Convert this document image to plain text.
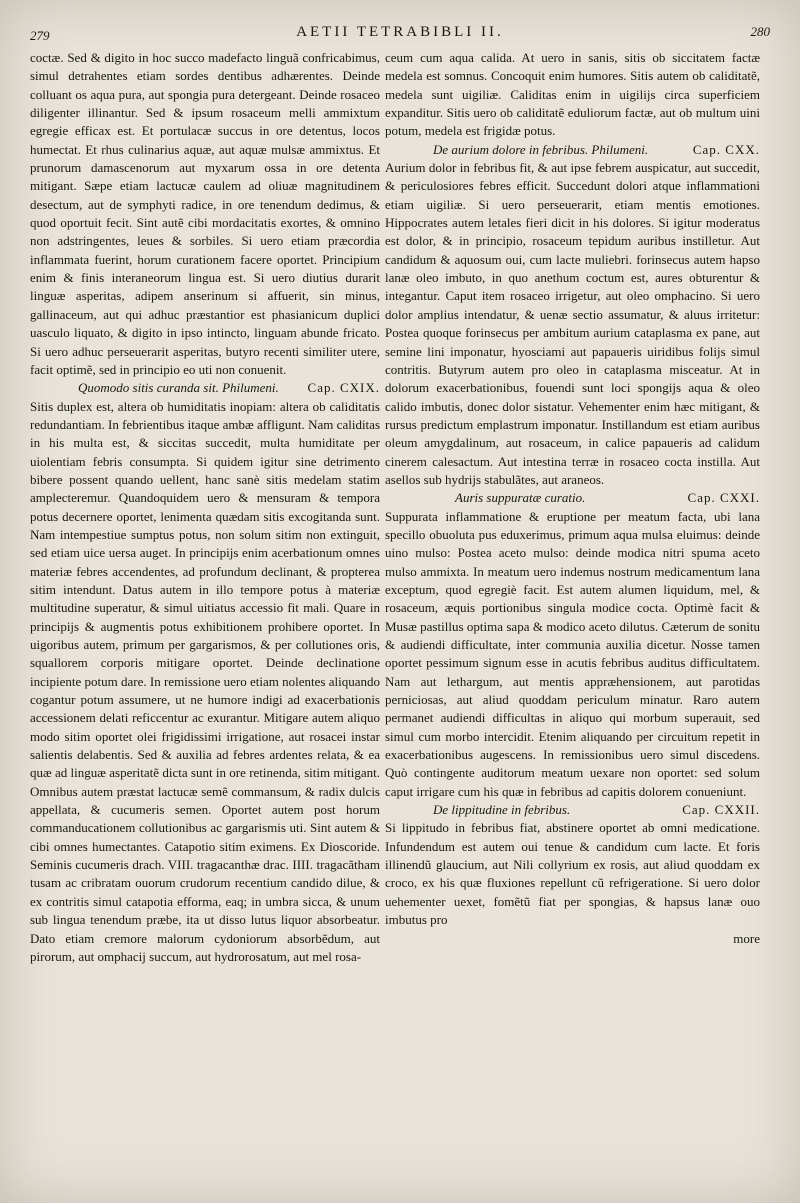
279	AETII TETRABIBLI II.	280

coctæ. Sed & digito in hoc succo madefacto linguã confricabimus, simul detrahentes etiam sordes dentibus adhærentes. Deinde colluant os aqua pura, aut spongia pura detergeant. Deinde rosaceo diligenter illinantur. Sed & ipsum rosaceum melli ammixtum egregie efficax est. Et portulacæ succus in ore detentus, locos humectat. Et rhus culinarius aquæ, aut aquæ mulsæ ammixtus. Et prunorum damascenorum aut myxarum ossa in ore detenta mitigant. Sæpe etiam lactucæ caulem ad oliuæ magnitudinem desectum, aut de symphyti radice, in ore tenendum dedimus, & quod oportuit fecit. Sint autẽ cibi mordacitatis exortes, & omnino non adstringentes, leues & sorbiles. Si uero etiam præcordia inflammata fuerint, horum curationem facere oportet. Principium enim & finis interaneorum lingua est. Si uero diutius durarit linguæ asperitas, adipem anserinum si affuerit, sin minus, gallinaceum, aut qui adhuc præstantior est phasianicum duplici uasculo liquato, & digito in ipso intincto, linguam abunde fricato. Si uero adhuc perseuerarit asperitas, butyro recenti similiter utere, facit optimẽ, sed in principio eo uti non conuenit.

Cap. CXIX.
Quomodo sitis curanda sit. Philumeni.

Sitis duplex est, altera ob humiditatis inopiam: altera ob caliditatis redundantiam. In febrientibus itaque ambæ affligunt. Nam caliditas in his multa est, & siccitas succedit, multa humiditate per uiolentiam febris consumpta. Si quidem igitur sine detrimento bibere possent quando uellent, hanc sanè sitis medelam statim amplecteremur. Quandoquidem uero & mensuram & tempora potus decernere oportet, lenimenta quædam sitis excogitanda sunt. Nam intempestiue sumptus potus, non solum sitim non extinguit, sed etiam uice uersa auget. In principijs enim acerbationum omnes materiæ febres accendentes, ad profundum declinant, & propterea sitim intendunt. Datus autem in illo tempore potus à materiæ multitudine superatur, & simul uitiatus accessio fit mali. Quare in principijs & augmentis potus exhibitionem prohibere oportet. In uigoribus autem, primum per gargarismos, & per collutiones oris, squallorem corporis mitigare oportet. Deinde declinatione incipiente potum dare. In remissione uero etiam nolentes aliquando cogantur potum assumere, ut ne humore indigi ad exacerbationis accessionem delati reficcentur ac exurantur. Mitigare autem aliquo modo sitim oportet olei frigidissimi irrigatione, aut rosacei instar salientis delabentis. Sed & auxilia ad febres ardentes relata, & ea quæ ad linguæ asperitatẽ dicta sunt in ore retinenda, sitim mitigant. Omnibus autem præstat lactucæ semẽ commansum, & radix dulcis appellata, & cucumeris semen. Oportet autem post horum commanducationem collutionibus ac gargarismis uti. Sint autem & cibi omnes humectantes. Catapotio sitim eximens. Ex Dioscoride. Seminis cucumeris drach. VIII. tragacanthæ drac. IIII. tragacãtham tusam ac cribratam ouorum crudorum recentium candido dilue, & ex contritis simul catapotia efforma, eaq; in umbra sicca, & unum sub lingua tenendum præbe, ita ut disso lutus liquor absorbeatur. Dato etiam cremore malorum cydoniorum absorbẽdum, aut pirorum, aut omphacij succum, aut hydrorosatum, aut mel rosa-

ceum cum aqua calida. At uero in sanis, sitis ob siccitatem factæ medela est somnus. Concoquit enim humores. Sitis autem ob caliditatẽ, medela sunt uigiliæ. Caliditas enim in uigilijs circa superficiem expanditur. Sitis uero ob caliditatẽ eduliorum factæ, aut ob multum uini potum, medela est frigidæ potus.

Cap. CXX.
De aurium dolore in febribus. Philumeni.

Aurium dolor in febribus fit, & aut ipse febrem auspicatur, aut succedit, & periculosiores febres efficit. Succedunt dolori atque inflammationi etiam uigiliæ. Si uero perseuerarit, etiam mentis emotiones. Hippocrates autem letales fieri dicit in his dolores. Si igitur moderatus est dolor, & in principio, rosaceum tepidum auribus instilletur. Aut candidum & aquosum oui, cum lacte muliebri. forinsecus autem hapso lanæ oleo imbuto, in quo anethum coctum est, aures obturentur & integantur. Caput item rosaceo irrigetur, aut oleo omphacino. Si uero dolor amplius intendatur, & uenæ sectio assumatur, & aluus irritetur: Postea quoque forinsecus per ambitum aurium cataplasma ex pane, aut semine lini imponatur, hyosciami aut papaueris uiridibus folijs simul contritis. Butyrum autem pro oleo in cataplasma misceatur. At in dolorum exacerbationibus, fouendi sunt loci spongijs aqua & oleo calido imbutis, donec dolor sistatur. Vehementer enim hæc mitigant, & rursus predictum emplastrum imponatur. Instillandum est etiam auribus oleum amygdalinum, aut rosaceum, in calice papaueris ad calidum cinerem calesactum. Aut intestina terræ in rosaceo cocta instilla. Aut asellos sub hydrijs stabulãtes, aut araneos.

Cap. CXXI.
Auris suppuratæ curatio.

Suppurata inflammatione & eruptione per meatum facta, ubi lana specillo obuoluta pus eduxerimus, primum aqua mulsa eluimus: deinde uino mulso: Postea aceto mulso: deinde modica nitri spuma aceto mulso ammixta. In meatum uero indemus nostrum medicamentum lana exceptum, quod egregiè facit. Est autem alumen liquidum, mel, & rosaceum, æquis portionibus singula modice cocta. Optimè facit & Musæ pastillus optima sapa & modico aceto dilutus. Cæterum de sonitu & audiendi difficultate, inter communia auxilia dicetur. Nosse tamen oportet pessimum signum esse in acutis febribus auditus difficultatem. Nam aut lethargum, aut mentis appræhensionem, aut parotidas perniciosas, aut aliud quoddam periculum minatur. Raro autem permanet audiendi difficultas in aliquo qui morbum superauit, sed simul cum morbo intercidit. Etenim aliquando per circuitum repetit in exacerbationibus augescens. In remissionibus uero simul discedens. Quò contingente auditorum meatum uexare non oportet: sed solum caput irrigare cum his quæ in febribus ad capitis dolorem conueniunt.

Cap. CXXII.
De lippitudine in febribus.

Si lippitudo in febribus fiat, abstinere oportet ab omni medicatione. Infundendum est autem oui tenue & candidum cum lacte. Et foris illinendũ glaucium, aut Nili collyrium ex rosis, aut aliud quoddam ex croco, ex his quæ fluxiones repellunt cũ refrigeratione. Si uero dolor uehementer uexet, fomẽtũ fiat per spongias, & hapsus lanæ ouo imbutus pro

more
